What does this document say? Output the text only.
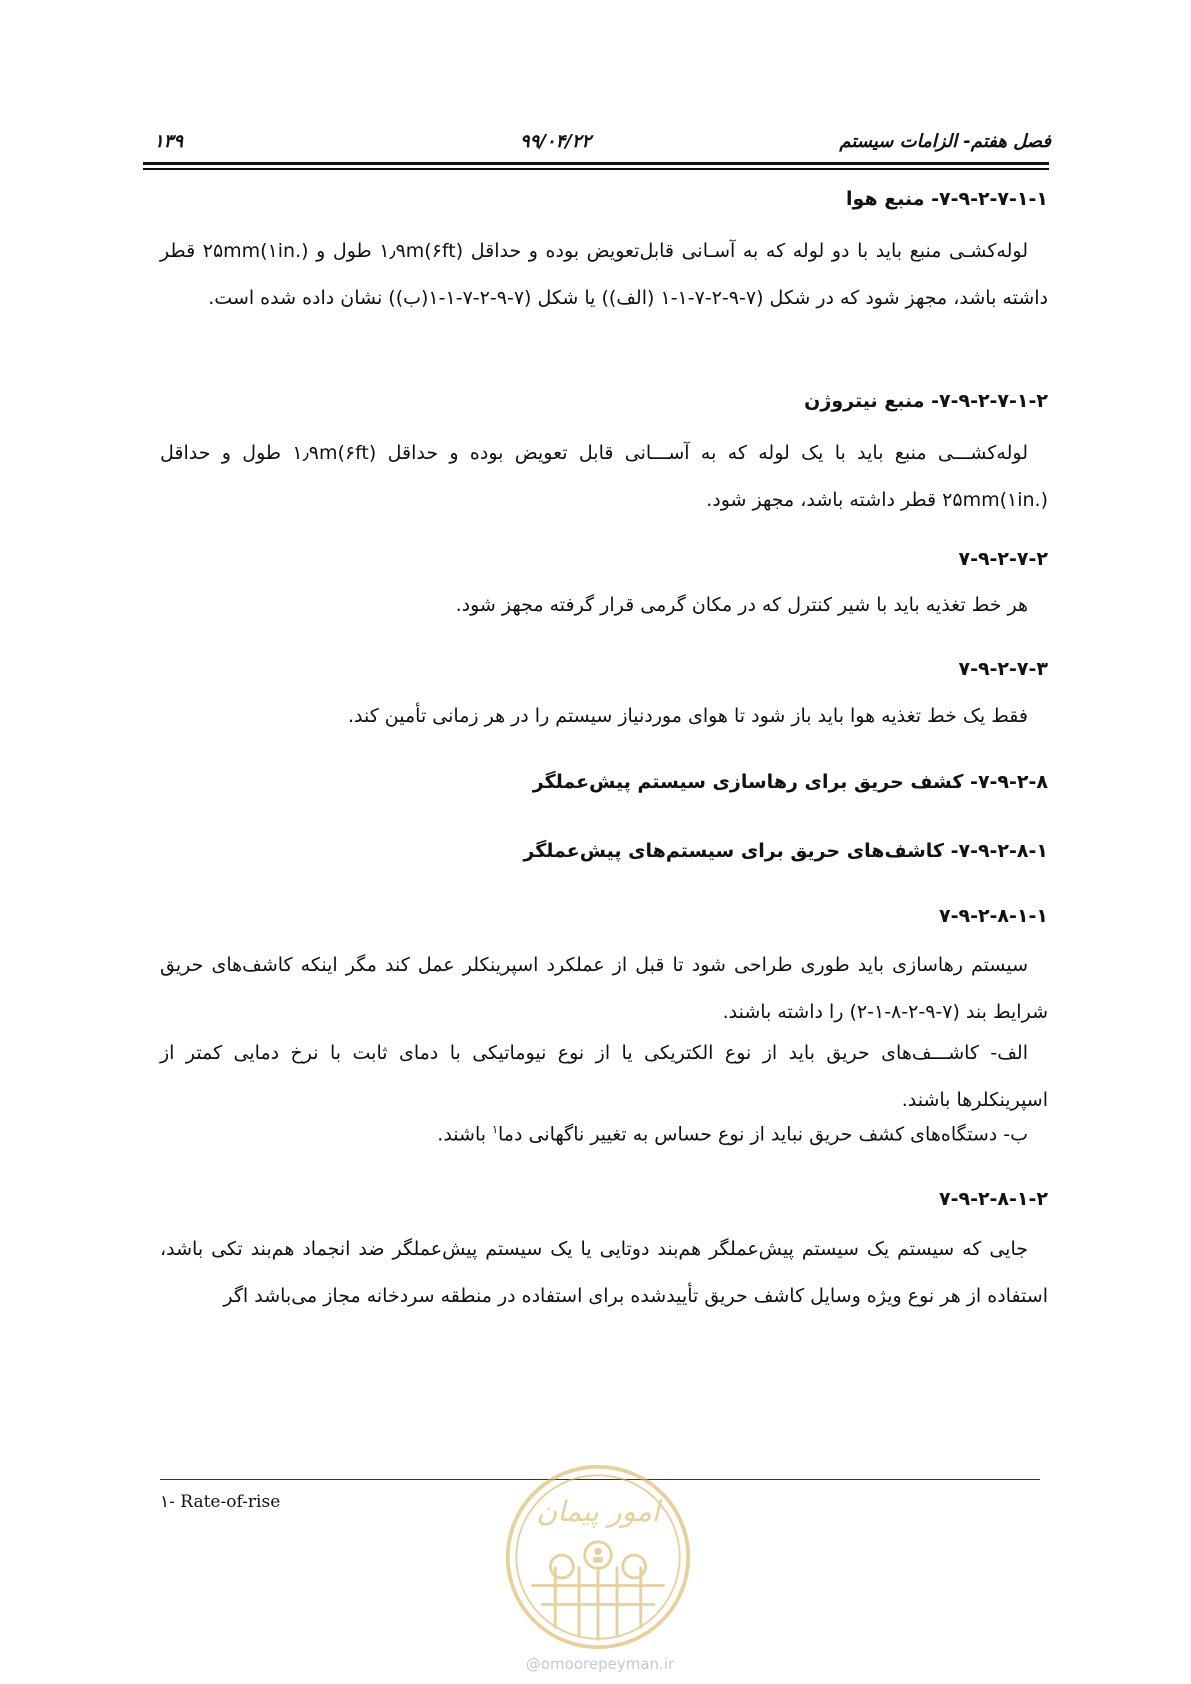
فصل هفتم- الزامات سیستم
۹۹/۰۴/۲۲
۱۳۹
۷-۹-۲-۷-۱-۱- منبع هوا
لوله‌کشـی منبع باید با دو لوله که به آسـانی قابل‌تعویض بوده و حداقل ۱٫۹m(۶ft) طول و ۲۵mm(۱in.) قطر داشته باشد، مجهز شود که در شکل (۷-۹-۲-۷-۱-۱ (الف)) یا شکل (۷-۹-۲-۷-۱-۱(ب)) نشان داده شده است.
۷-۹-۲-۷-۱-۲- منبع نیتروژن
لوله‌کشـــی منبع باید با یک لوله که به آســـانی قابل تعویض بوده و حداقل ۱٫۹m(۶ft) طول و حداقل ۲۵mm(۱in.) قطر داشته باشد، مجهز شود.
۷-۹-۲-۷-۲
هر خط تغذیه باید با شیر کنترل که در مکان گرمی قرار گرفته مجهز شود.
۷-۹-۲-۷-۳
فقط یک خط تغذیه هوا باید باز شود تا هوای موردنیاز سیستم را در هر زمانی تأمین کند.
۷-۹-۲-۸- کشف حریق برای رهاسازی سیستم پیش‌عملگر
۷-۹-۲-۸-۱- کاشف‌های حریق برای سیستم‌های پیش‌عملگر
۷-۹-۲-۸-۱-۱
سیستم رهاسازی باید طوری طراحی شود تا قبل از عملکرد اسپرینکلر عمل کند مگر اینکه کاشف‌های حریق شرایط بند (۷-۹-۲-۸-۱-۲) را داشته باشند.
الف- کاشـــف‌های حریق باید از نوع الکتریکی یا از نوع نیوماتیکی با دمای ثابت با نرخ دمایی کمتر از اسپرینکلرها باشند.
ب- دستگاه‌های کشف حریق نباید از نوع حساس به تغییر ناگهانی دما$^۱$ باشند.
۷-۹-۲-۸-۱-۲
جایی که سیستم یک سیستم پیش‌عملگر هم‌بند دوتایی یا یک سیستم پیش‌عملگر ضد انجماد هم‌بند تکی باشد، استفاده از هر نوع ویژه وسایل کاشف حریق تأییدشده برای استفاده در منطقه سردخانه مجاز می‌باشد اگر
۱- Rate-of-rise	امور پیمان
@omoorepeyman.ir
